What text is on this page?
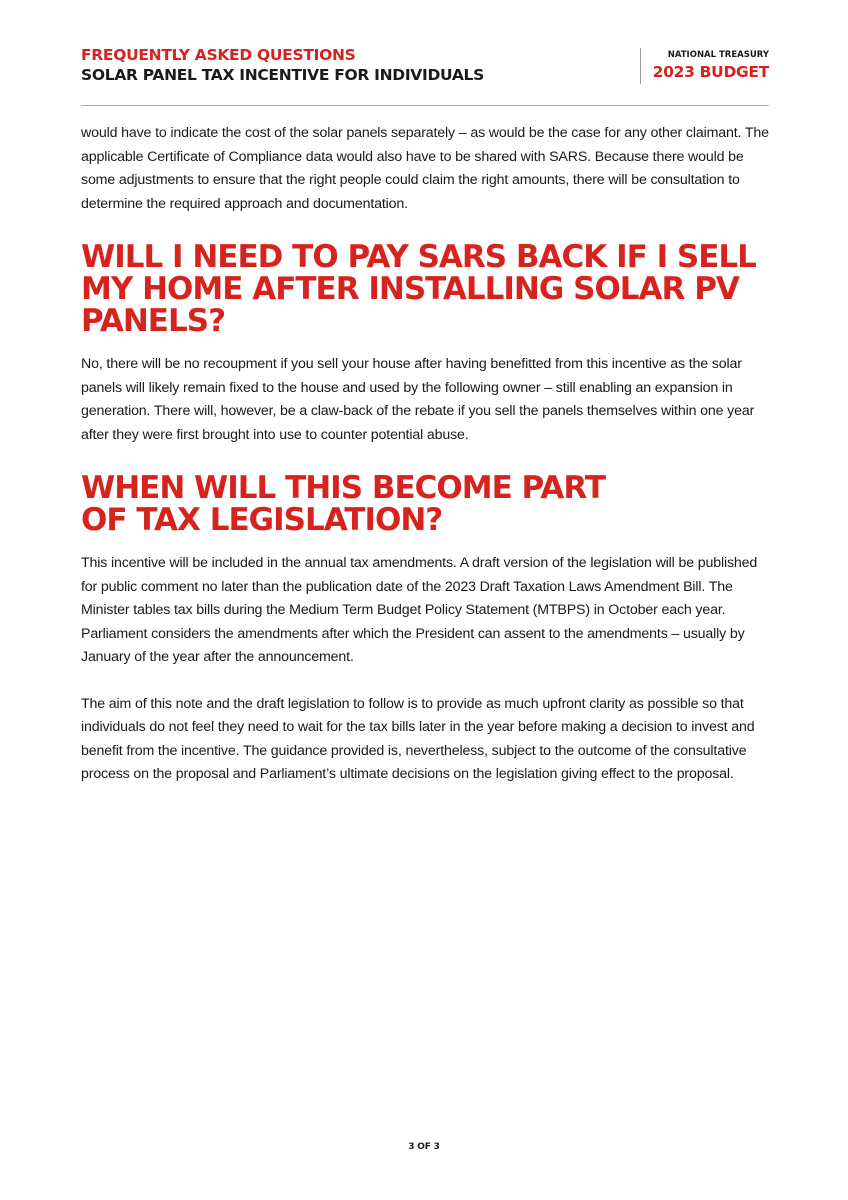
FREQUENTLY ASKED QUESTIONS
SOLAR PANEL TAX INCENTIVE FOR INDIVIDUALS
NATIONAL TREASURY
2023 BUDGET

would have to indicate the cost of the solar panels separately – as would be the case for any other claimant. The applicable Certificate of Compliance data would also have to be shared with SARS. Because there would be some adjustments to ensure that the right people could claim the right amounts, there will be consultation to determine the required approach and documentation.

WILL I NEED TO PAY SARS BACK IF I SELL
MY HOME AFTER INSTALLING SOLAR PV
PANELS?

No, there will be no recoupment if you sell your house after having benefitted from this incentive as the solar panels will likely remain fixed to the house and used by the following owner – still enabling an expansion in generation. There will, however, be a claw-back of the rebate if you sell the panels themselves within one year after they were first brought into use to counter potential abuse.

WHEN WILL THIS BECOME PART
OF TAX LEGISLATION?

This incentive will be included in the annual tax amendments. A draft version of the legislation will be published for public comment no later than the publication date of the 2023 Draft Taxation Laws Amendment Bill. The Minister tables tax bills during the Medium Term Budget Policy Statement (MTBPS) in October each year. Parliament considers the amendments after which the President can assent to the amendments – usually by January of the year after the announcement.

The aim of this note and the draft legislation to follow is to provide as much upfront clarity as possible so that individuals do not feel they need to wait for the tax bills later in the year before making a decision to invest and benefit from the incentive. The guidance provided is, nevertheless, subject to the outcome of the consultative process on the proposal and Parliament’s ultimate decisions on the legislation giving effect to the proposal.

3 OF 3
